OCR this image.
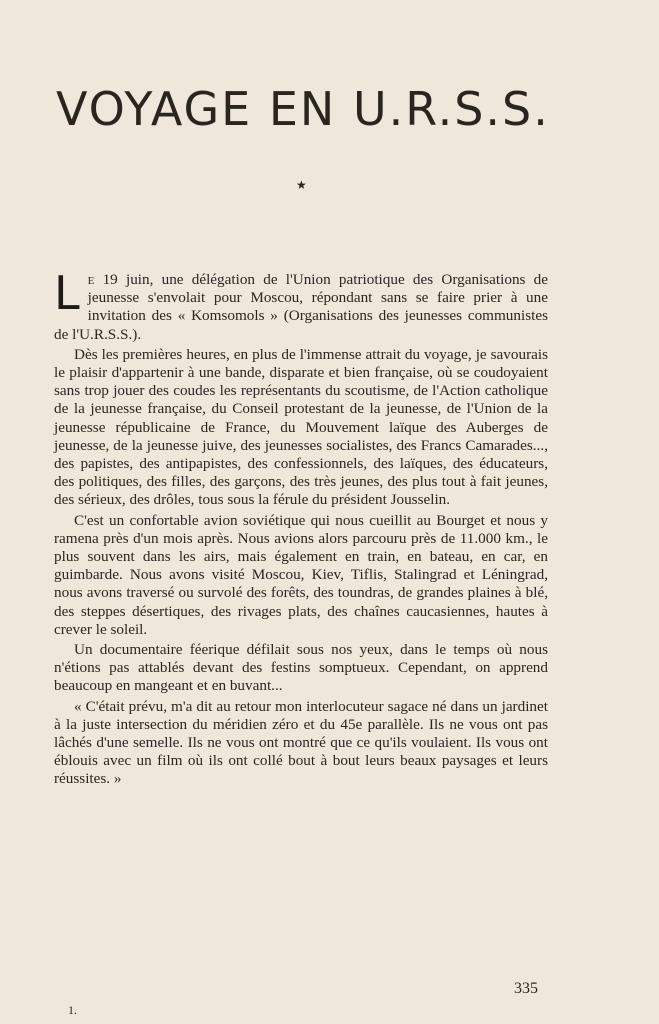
VOYAGE EN U.R.S.S.
★

Le 19 juin, une délégation de l'Union patriotique des Organisations de jeunesse s'envolait pour Moscou, répondant sans se faire prier à une invitation des « Komsomols » (Organisations des jeunesses communistes de l'U.R.S.S.).

Dès les premières heures, en plus de l'immense attrait du voyage, je savourais le plaisir d'appartenir à une bande, disparate et bien française, où se coudoyaient sans trop jouer des coudes les représentants du scoutisme, de l'Action catholique de la jeunesse française, du Conseil protestant de la jeunesse, de l'Union de la jeunesse républicaine de France, du Mouvement laïque des Auberges de jeunesse, de la jeunesse juive, des jeunesses socialistes, des Francs Camarades..., des papistes, des antipapistes, des confessionnels, des laïques, des éducateurs, des politiques, des filles, des garçons, des très jeunes, des plus tout à fait jeunes, des sérieux, des drôles, tous sous la férule du président Jousselin.

C'est un confortable avion soviétique qui nous cueillit au Bourget et nous y ramena près d'un mois après. Nous avions alors parcouru près de 11.000 km., le plus souvent dans les airs, mais également en train, en bateau, en car, en guimbarde. Nous avons visité Moscou, Kiev, Tiflis, Stalingrad et Léningrad, nous avons traversé ou survolé des forêts, des toundras, de grandes plaines à blé, des steppes désertiques, des rivages plats, des chaînes caucasiennes, hautes à crever le soleil.

Un documentaire féerique défilait sous nos yeux, dans le temps où nous n'étions pas attablés devant des festins somptueux. Cependant, on apprend beaucoup en mangeant et en buvant...

« C'était prévu, m'a dit au retour mon interlocuteur sagace né dans un jardinet à la juste intersection du méridien zéro et du 45e parallèle. Ils ne vous ont pas lâchés d'une semelle. Ils ne vous ont montré que ce qu'ils voulaient. Ils vous ont éblouis avec un film où ils ont collé bout à bout leurs beaux paysages et leurs réussites. »

335
1.
